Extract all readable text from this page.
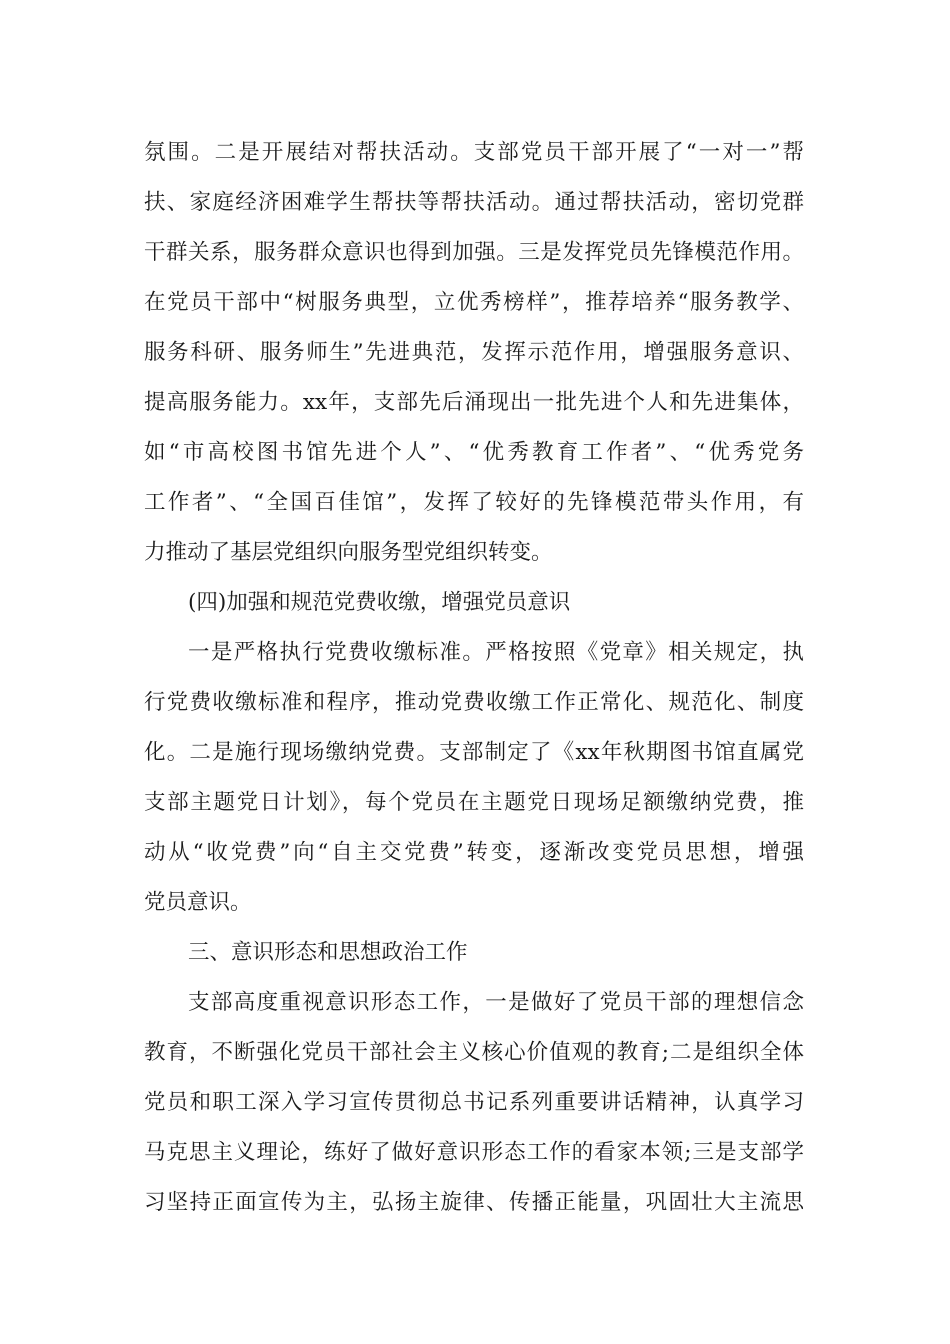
氛围。二是开展结对帮扶活动。支部党员干部开展了“一对一”帮
扶、家庭经济困难学生帮扶等帮扶活动。通过帮扶活动，密切党群
干群关系，服务群众意识也得到加强。三是发挥党员先锋模范作用。
在党员干部中“树服务典型，立优秀榜样”，推荐培养“服务教学、
服务科研、服务师生”先进典范，发挥示范作用，增强服务意识、
提高服务能力。xx年，支部先后涌现出一批先进个人和先进集体，
如“市高校图书馆先进个人”、“优秀教育工作者”、“优秀党务
工作者”、“全国百佳馆”，发挥了较好的先锋模范带头作用，有
力推动了基层党组织向服务型党组织转变。
(四)加强和规范党费收缴，增强党员意识
一是严格执行党费收缴标准。严格按照《党章》相关规定，执
行党费收缴标准和程序，推动党费收缴工作正常化、规范化、制度
化。二是施行现场缴纳党费。支部制定了《xx年秋期图书馆直属党
支部主题党日计划》，每个党员在主题党日现场足额缴纳党费，推
动从“收党费”向“自主交党费”转变，逐渐改变党员思想，增强
党员意识。
三、意识形态和思想政治工作
支部高度重视意识形态工作，一是做好了党员干部的理想信念
教育，不断强化党员干部社会主义核心价值观的教育;二是组织全体
党员和职工深入学习宣传贯彻总书记系列重要讲话精神，认真学习
马克思主义理论，练好了做好意识形态工作的看家本领;三是支部学
习坚持正面宣传为主，弘扬主旋律、传播正能量，巩固壮大主流思
